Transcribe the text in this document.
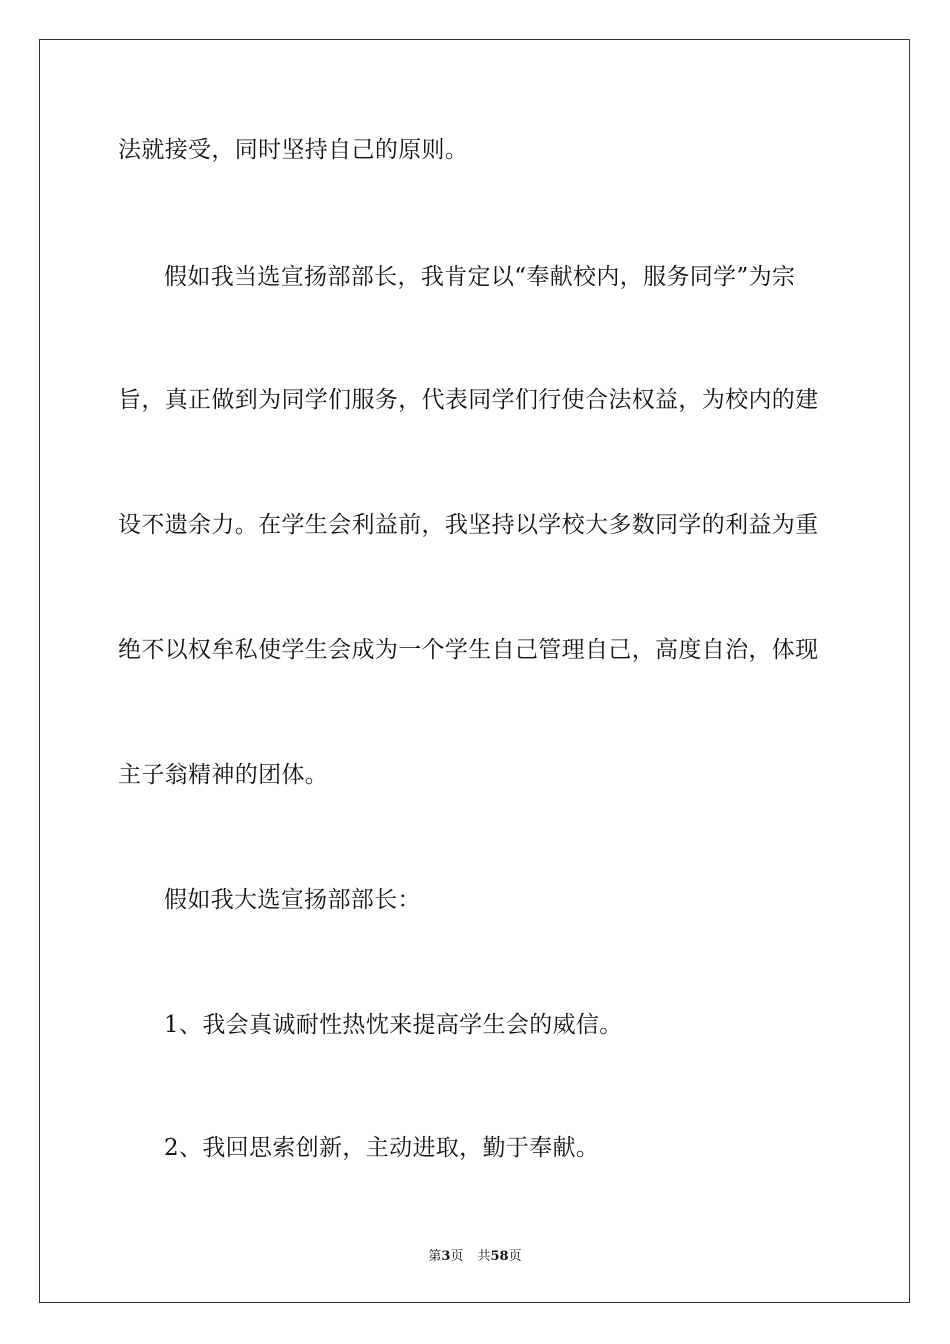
法就接受，同时坚持自己的原则。
假如我当选宣扬部部长，我肯定以“奉献校内，服务同学”为宗
旨，真正做到为同学们服务，代表同学们行使合法权益，为校内的建
设不遗余力。在学生会利益前，我坚持以学校大多数同学的利益为重
绝不以权牟私使学生会成为一个学生自己管理自己，高度自治，体现
主子翁精神的团体。
假如我大选宣扬部部长：
1、我会真诚耐性热忱来提高学生会的威信。
2、我回思索创新，主动进取，勤于奉献。
第3页 共58页
